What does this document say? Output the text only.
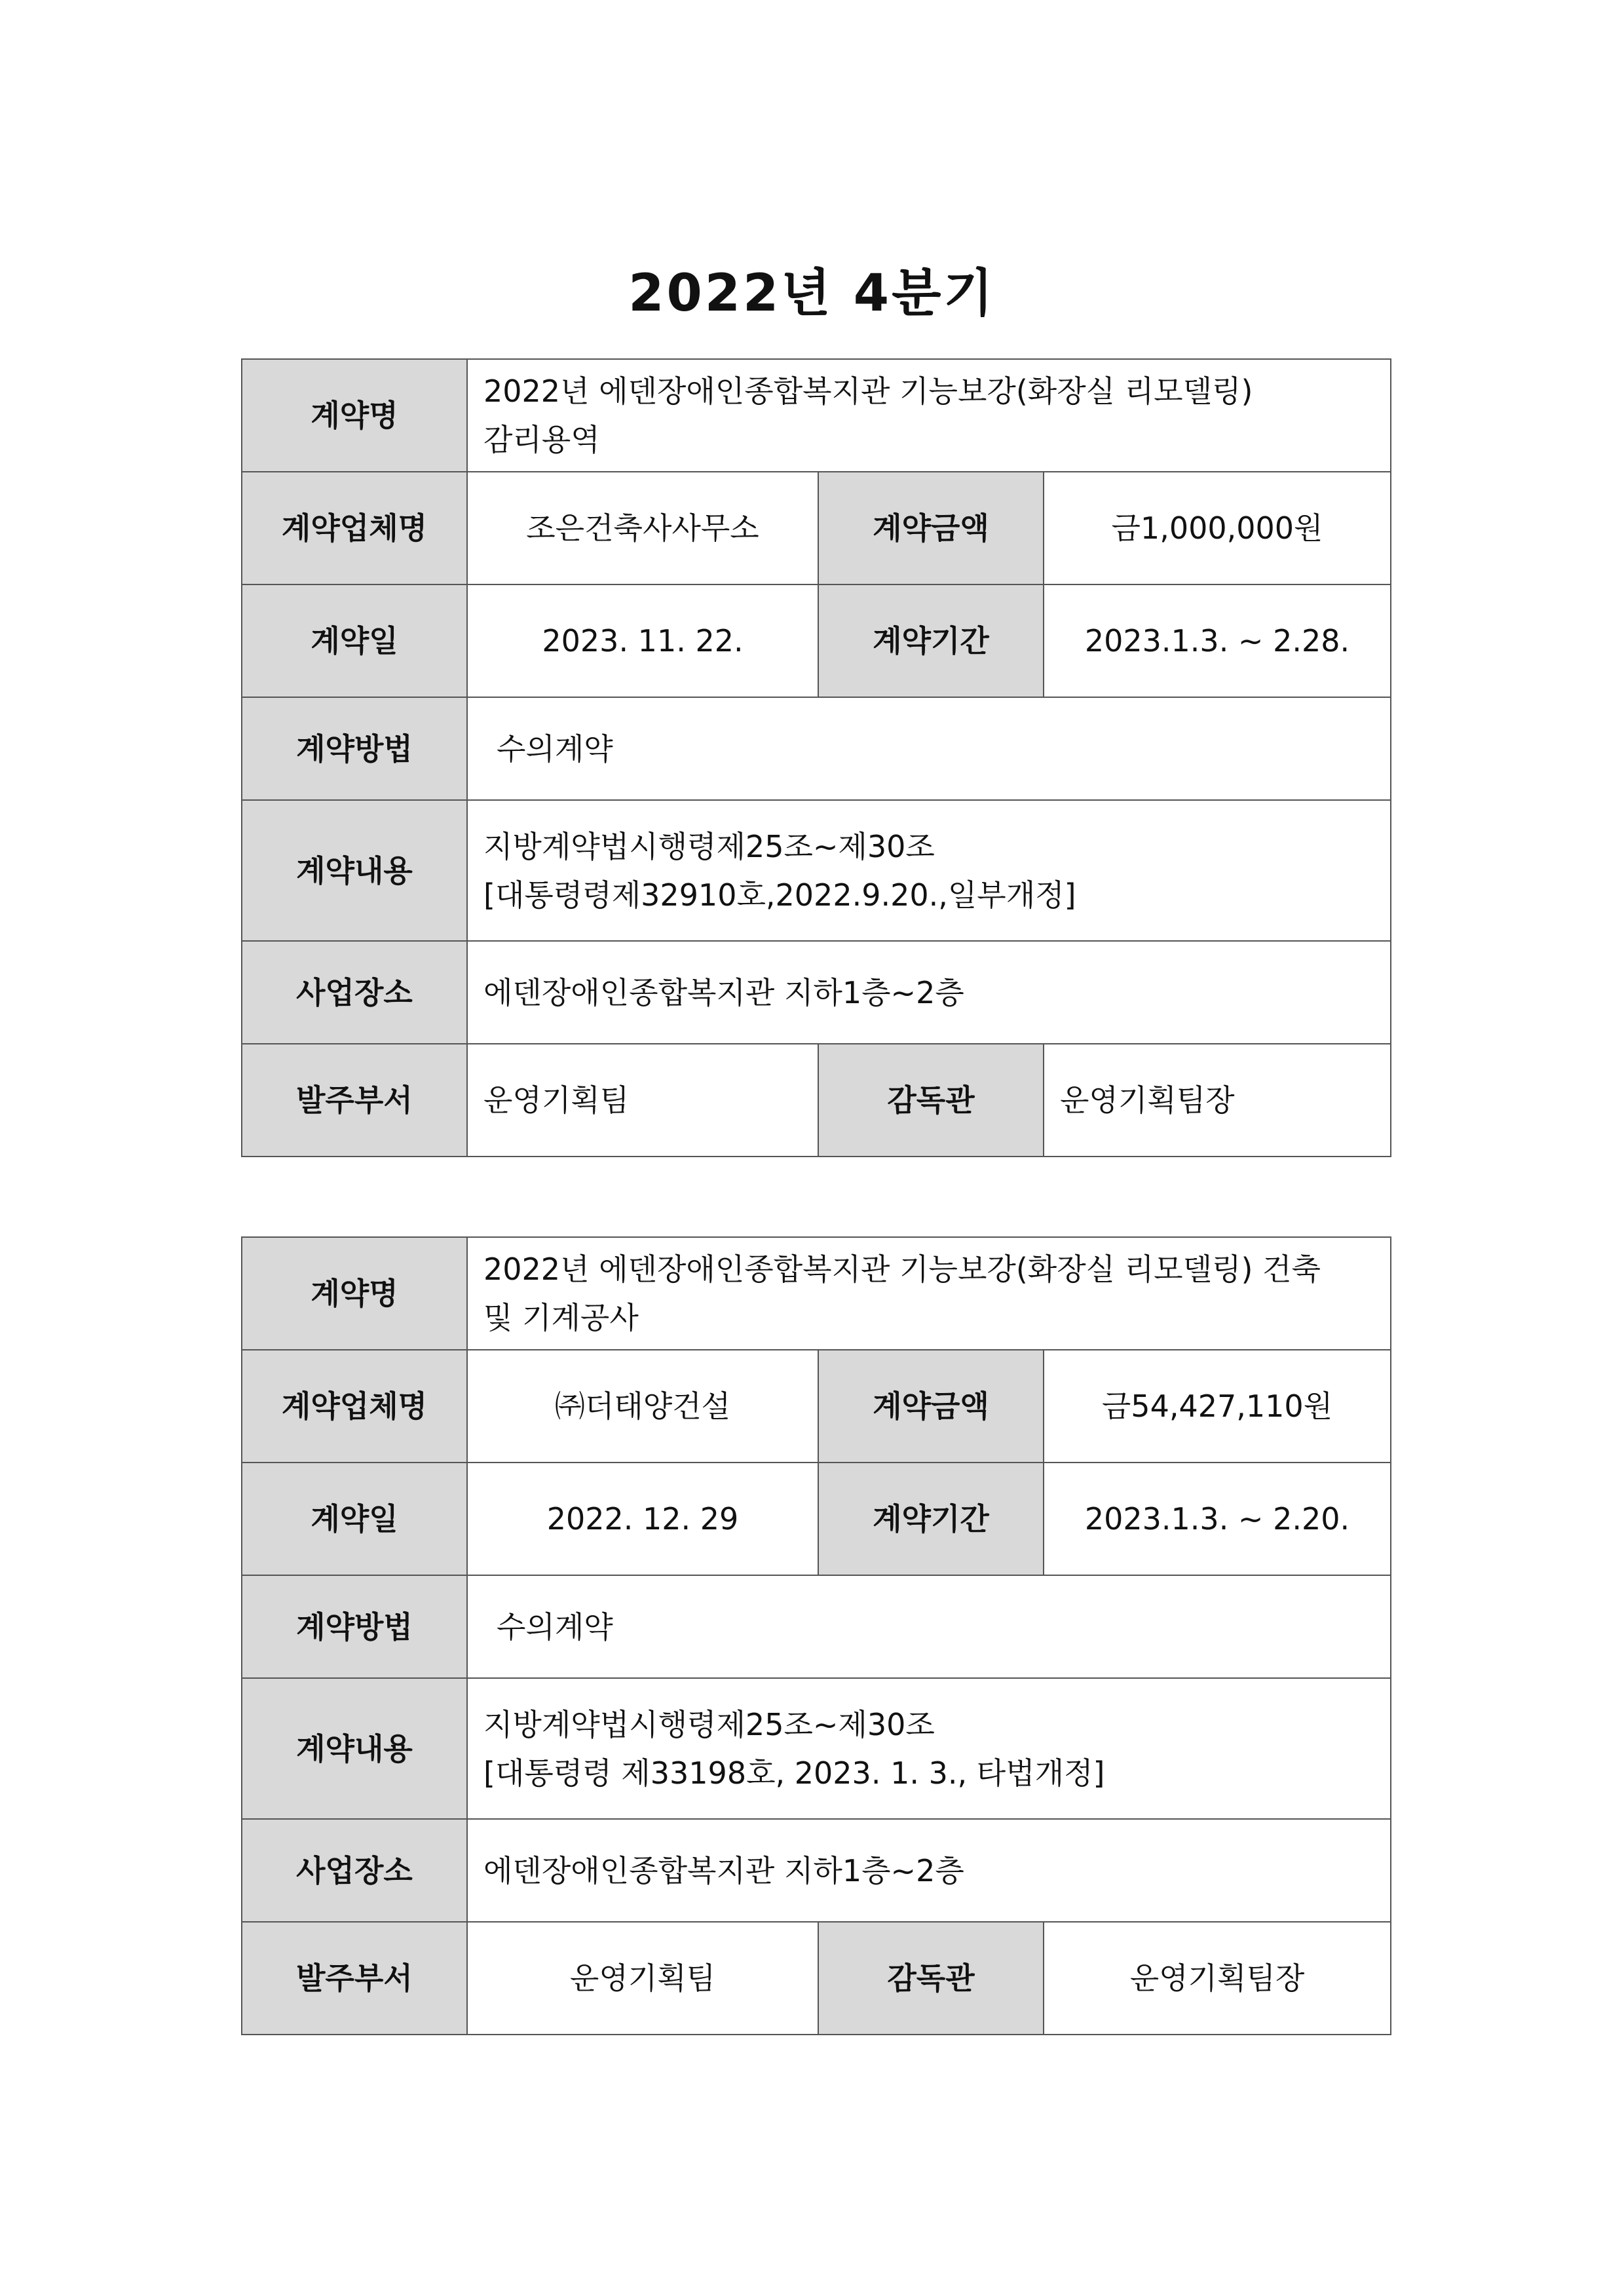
2022년 4분기
계약명	2022년 에덴장애인종합복지관 기능보강(화장실 리모델링)
감리용역		

계약업체명	조은건축사사무소	계약금액	금1,000,000원
계약일	2023. 11. 22.	계약기간	2023.1.3. ~ 2.28.
계약방법	수의계약		
계약내용	지방계약법시행령제25조~제30조
[대통령령제32910호,2022.9.20.,일부개정]		

사업장소	에덴장애인종합복지관 지하1층~2층		
발주부서	운영기획팀	감독관	운영기획팀장
계약명	2022년 에덴장애인종합복지관 기능보강(화장실 리모델링) 건축
및 기계공사		

계약업체명	㈜더태양건설	계약금액	금54,427,110원
계약일	2022. 12. 29	계약기간	2023.1.3. ~ 2.20.
계약방법	수의계약		
계약내용	지방계약법시행령제25조~제30조
[대통령령 제33198호, 2023. 1. 3., 타법개정]		

사업장소	에덴장애인종합복지관 지하1층~2층		
발주부서	운영기획팀	감독관	운영기획팀장
